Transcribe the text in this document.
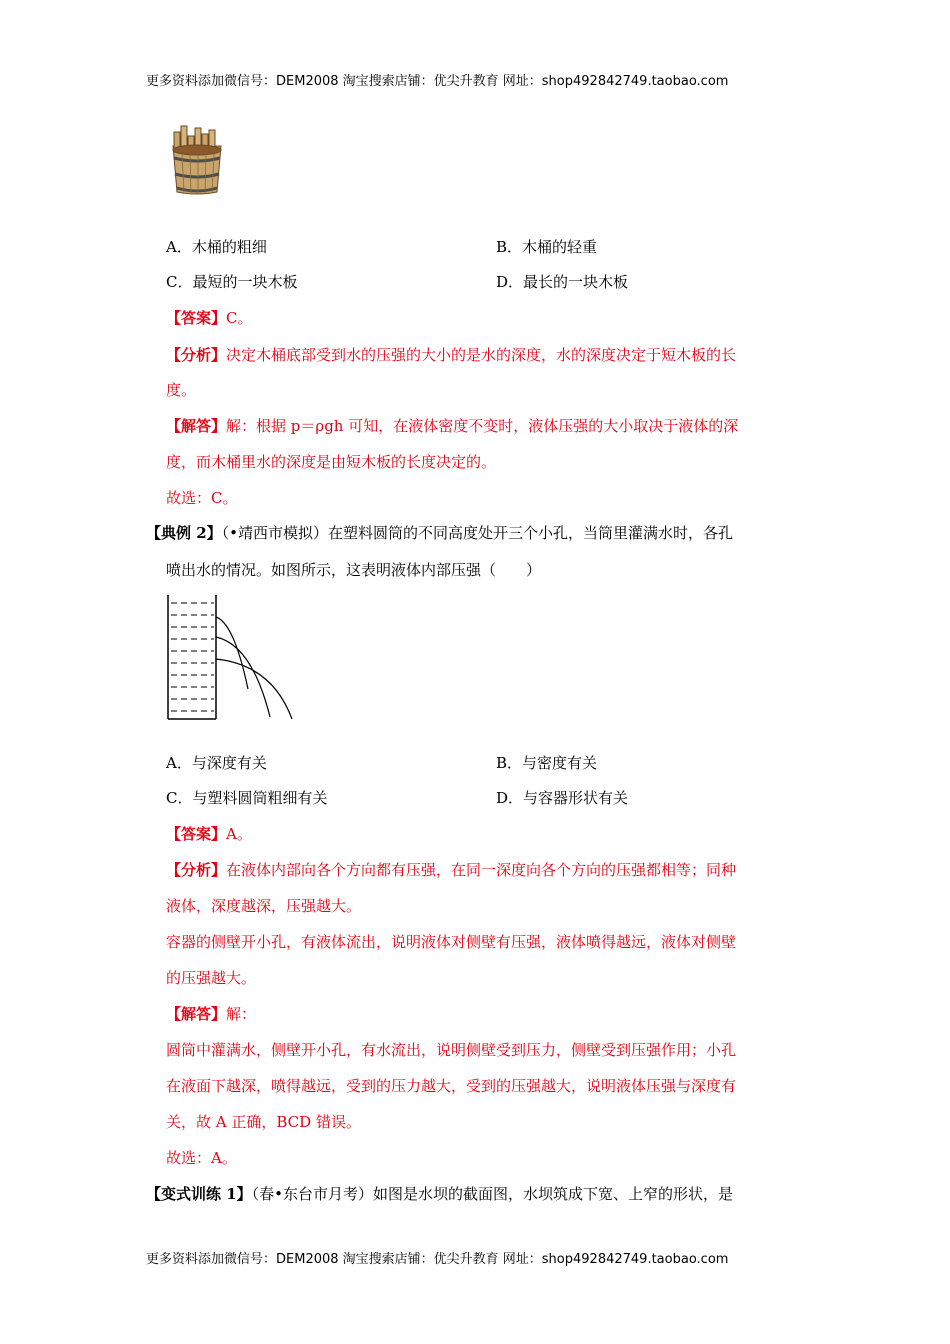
更多资料添加微信号：DEM2008 淘宝搜索店铺：优尖升教育 网址：shop492842749.taobao.com
A．木桶的粗细	B．木桶的轻重
C．最短的一块木板	D．最长的一块木板
【答案】C。
【分析】决定木桶底部受到水的压强的大小的是水的深度，水的深度决定于短木板的长
度。
【解答】解：根据 p＝ρgh 可知，在液体密度不变时，液体压强的大小取决于液体的深
度，而木桶里水的深度是由短木板的长度决定的。
故选：C。
【典例 2】（•靖西市模拟）在塑料圆筒的不同高度处开三个小孔，当筒里灌满水时，各孔
喷出水的情况。如图所示，这表明液体内部压强（　　）
A．与深度有关	B．与密度有关
C．与塑料圆筒粗细有关	D．与容器形状有关
【答案】A。
【分析】在液体内部向各个方向都有压强，在同一深度向各个方向的压强都相等；同种
液体，深度越深，压强越大。
容器的侧壁开小孔，有液体流出，说明液体对侧壁有压强，液体喷得越远，液体对侧壁
的压强越大。
【解答】解：
圆筒中灌满水，侧壁开小孔，有水流出，说明侧壁受到压力，侧壁受到压强作用；小孔
在液面下越深，喷得越远，受到的压力越大，受到的压强越大，说明液体压强与深度有
关，故 A 正确，BCD 错误。
故选：A。
【变式训练 1】（春•东台市月考）如图是水坝的截面图，水坝筑成下宽、上窄的形状，是
更多资料添加微信号：DEM2008 淘宝搜索店铺：优尖升教育 网址：shop492842749.taobao.com
